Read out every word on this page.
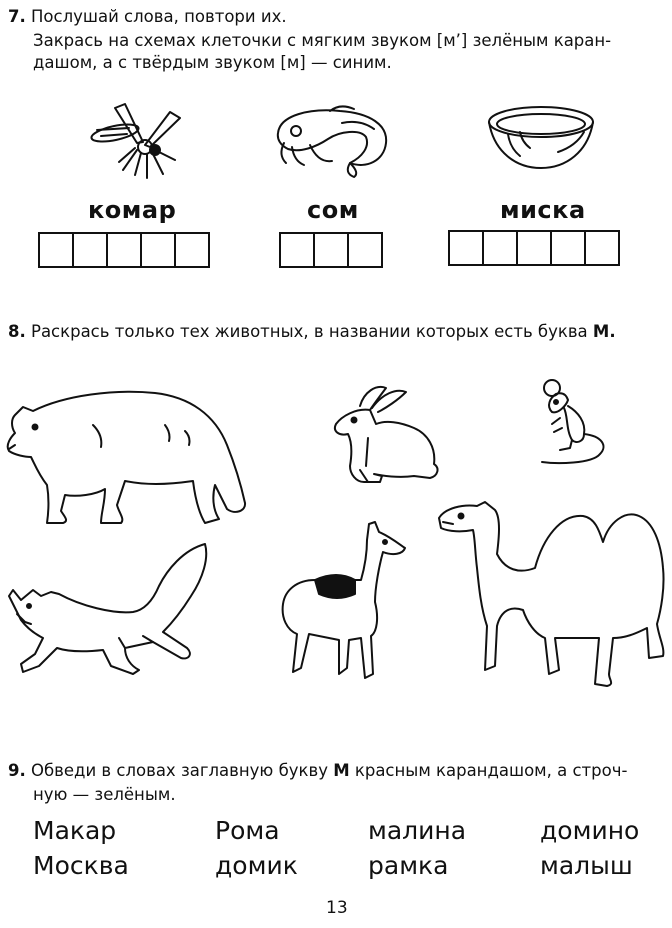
7. Послушай слова, повтори их.
Закрась на схемах клеточки с мягким звуком [м’] зелёным каран-
дашом, а с твёрдым звуком [м] — синим.
комар	сом	миска
8. Раскрась только тех животных, в названии которых есть буква М.
9. Обведи в словах заглавную букву М красным карандашом, а строч-
ную — зелёным.
Макар
Москва
Рома
домик
малина
рамка
домино
малыш
13
